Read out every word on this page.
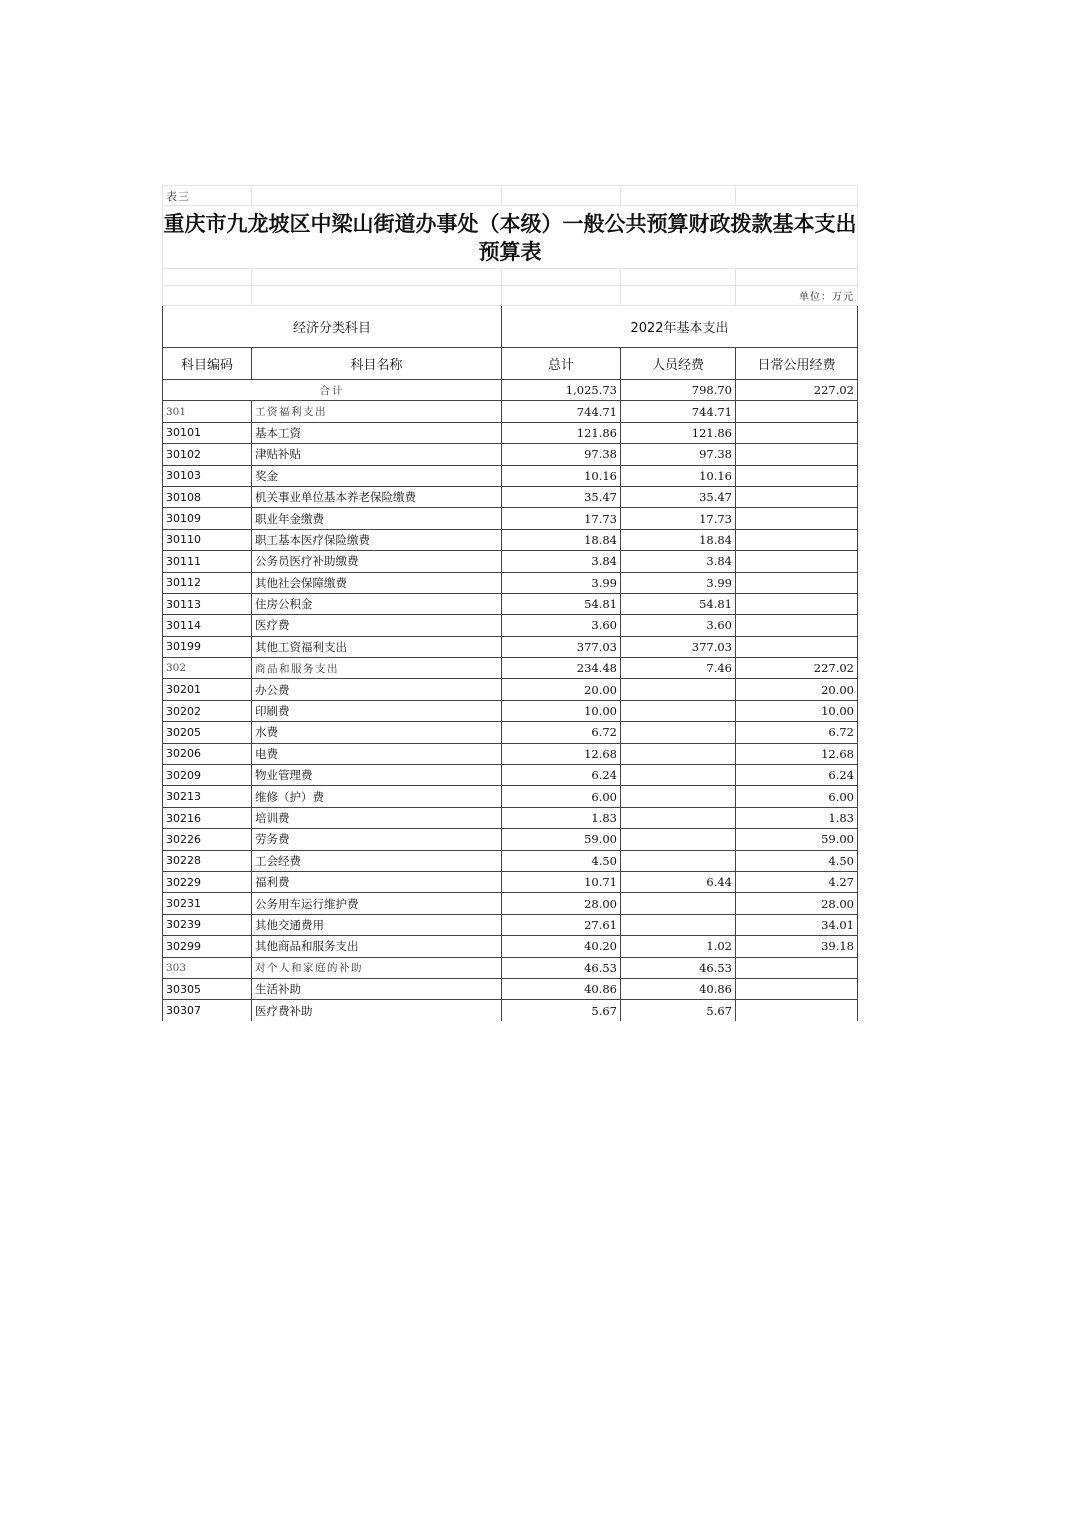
表三				
重庆市九龙坡区中梁山街道办事处（本级）一般公共预算财政拨款基本支出预算表				

				单位：万元
经济分类科目		2022年基本支出		
科目编码	科目名称	总计	人员经费	日常公用经费
合计		1,025.73	798.70	227.02
301	工资福利支出	744.71	744.71	
30101	基本工资	121.86	121.86	
30102	津贴补贴	97.38	97.38	
30103	奖金	10.16	10.16	
30108	机关事业单位基本养老保险缴费	35.47	35.47	
30109	职业年金缴费	17.73	17.73	
30110	职工基本医疗保险缴费	18.84	18.84	
30111	公务员医疗补助缴费	3.84	3.84	
30112	其他社会保障缴费	3.99	3.99	
30113	住房公积金	54.81	54.81	
30114	医疗费	3.60	3.60	
30199	其他工资福利支出	377.03	377.03	
302	商品和服务支出	234.48	7.46	227.02
30201	办公费	20.00		20.00
30202	印刷费	10.00		10.00
30205	水费	6.72		6.72
30206	电费	12.68		12.68
30209	物业管理费	6.24		6.24
30213	维修（护）费	6.00		6.00
30216	培训费	1.83		1.83
30226	劳务费	59.00		59.00
30228	工会经费	4.50		4.50
30229	福利费	10.71	6.44	4.27
30231	公务用车运行维护费	28.00		28.00
30239	其他交通费用	27.61		34.01
30299	其他商品和服务支出	40.20	1.02	39.18
303	对个人和家庭的补助	46.53	46.53	
30305	生活补助	40.86	40.86	
30307	医疗费补助	5.67	5.67	
